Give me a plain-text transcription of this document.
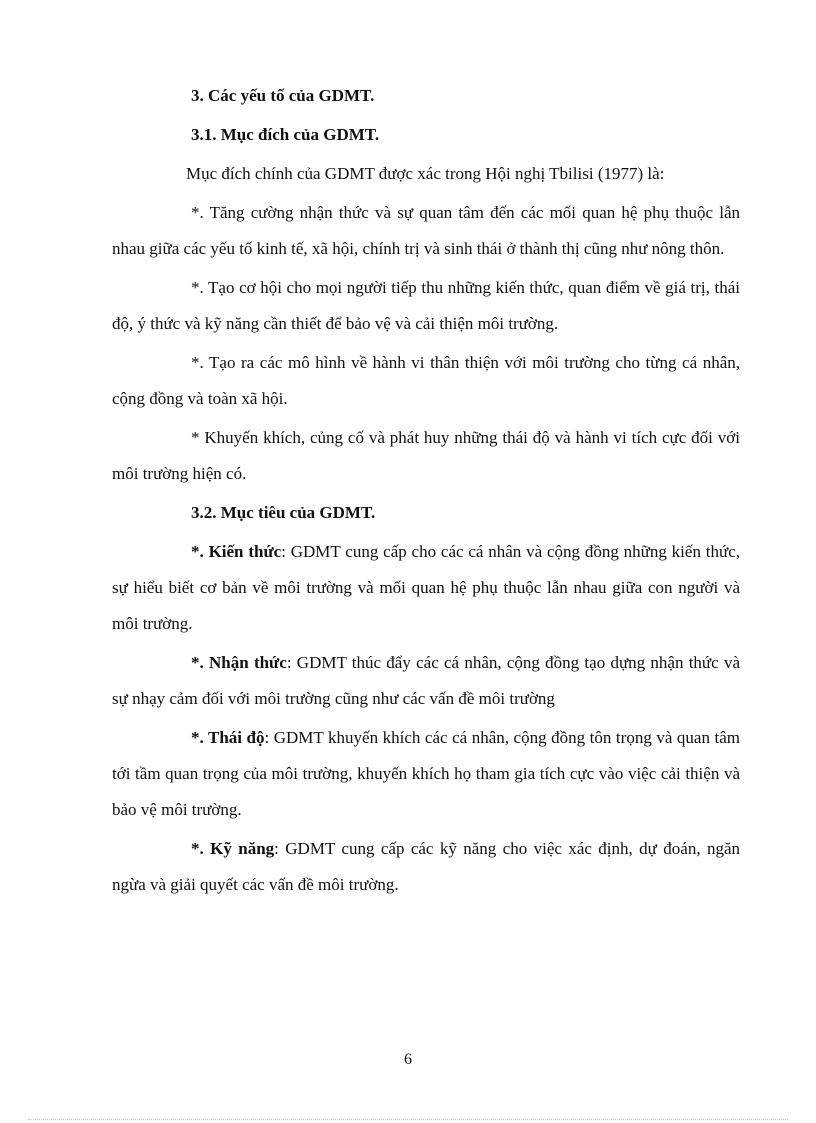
3. Các yếu tố của GDMT.

3.1. Mục đích của GDMT.

Mục đích chính của GDMT được xác trong Hội nghị Tbilisi (1977) là:

*. Tăng cường nhận thức và sự quan tâm đến các mối quan hệ phụ thuộc lẫn nhau giữa các yếu tố kinh tế, xã hội, chính trị và sinh thái ở thành thị cũng như nông thôn.

*. Tạo cơ hội cho mọi người tiếp thu những kiến thức, quan điểm về giá trị, thái độ, ý thức và kỹ năng cần thiết để bảo vệ và cải thiện môi trường.

*. Tạo ra các mô hình về hành vi thân thiện với môi trường cho từng cá nhân, cộng đồng và toàn xã hội.

* Khuyến khích, củng cố và phát huy những thái độ và hành vi tích cực đối với môi trường hiện có.

3.2. Mục tiêu của GDMT.

*. Kiến thức: GDMT cung cấp cho các cá nhân và cộng đồng những kiến thức, sự hiểu biết cơ bản về môi trường và mối quan hệ phụ thuộc lẫn nhau giữa con người và môi trường.

*. Nhận thức: GDMT thúc đẩy các cá nhân, cộng đồng tạo dựng nhận thức và sự nhạy cảm đối với môi trường cũng như các vấn đề môi trường

*. Thái độ: GDMT khuyến khích các cá nhân, cộng đồng tôn trọng và quan tâm tới tầm quan trọng của môi trường, khuyến khích họ tham gia tích cực vào việc cải thiện và bảo vệ môi trường.

*. Kỹ năng: GDMT cung cấp các kỹ năng cho việc xác định, dự đoán, ngăn ngừa và giải quyết các vấn đề môi trường.

6
